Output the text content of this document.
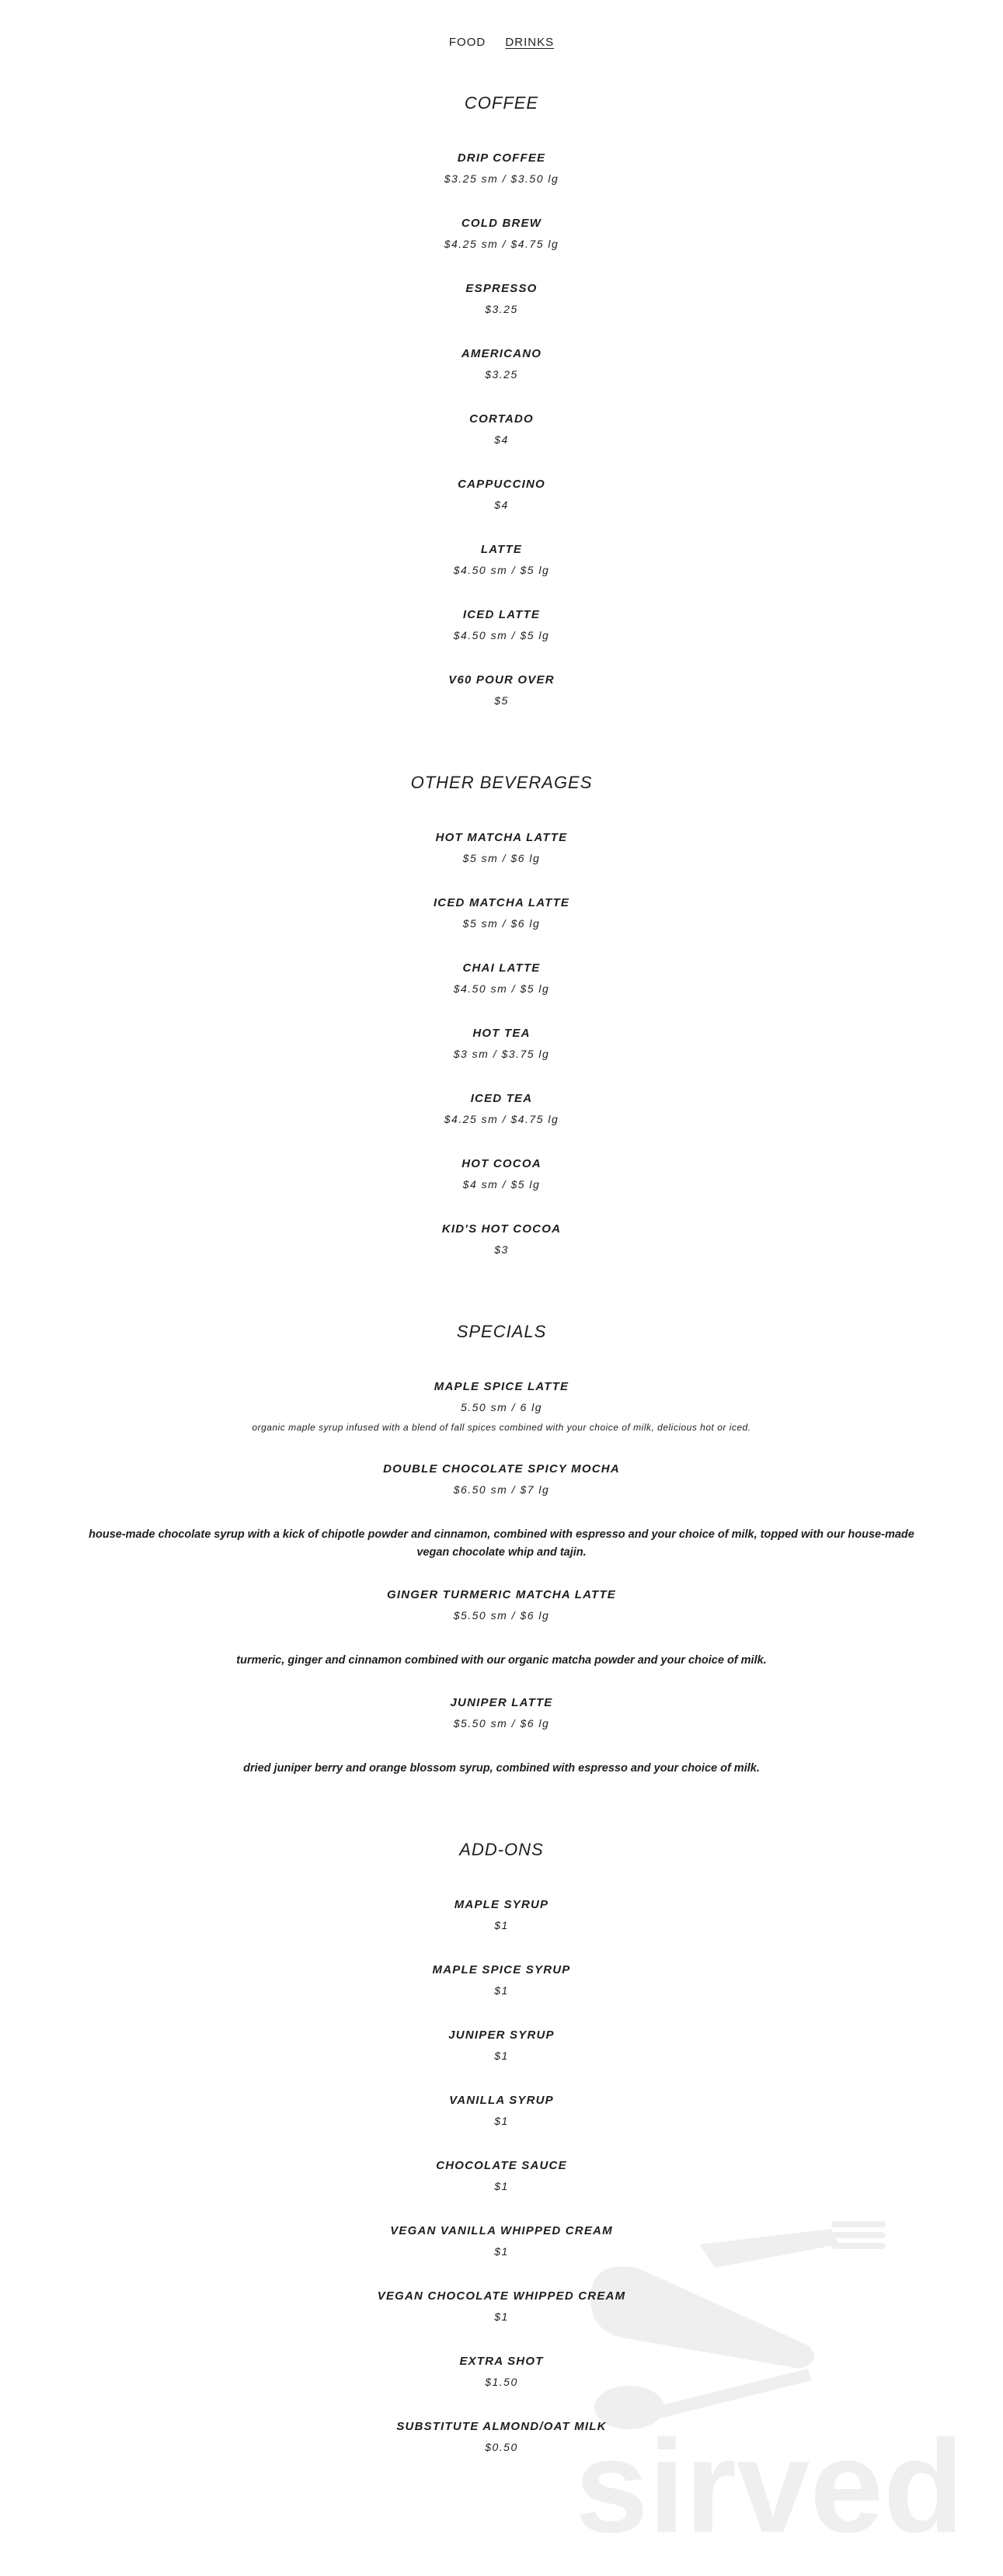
sirved
FOOD DRINKS
COFFEE
DRIP COFFEE
$3.25 sm / $3.50 lg
COLD BREW
$4.25 sm / $4.75 lg
ESPRESSO
$3.25
AMERICANO
$3.25
CORTADO
$4
CAPPUCCINO
$4
LATTE
$4.50 sm / $5 lg
ICED LATTE
$4.50 sm / $5 lg
V60 POUR OVER
$5
OTHER BEVERAGES
HOT MATCHA LATTE
$5 sm / $6 lg
ICED MATCHA LATTE
$5 sm / $6 lg
CHAI LATTE
$4.50 sm / $5 lg
HOT TEA
$3 sm / $3.75 lg
ICED TEA
$4.25 sm / $4.75 lg
HOT COCOA
$4 sm / $5 lg
KID'S HOT COCOA
$3
SPECIALS
MAPLE SPICE LATTE
5.50 sm / 6 lg
organic maple syrup infused with a blend of fall spices combined with your choice of milk, delicious hot or iced.
DOUBLE CHOCOLATE SPICY MOCHA
$6.50 sm / $7 lg
house-made chocolate syrup with a kick of chipotle powder and cinnamon, combined with espresso and your choice of milk, topped with our house-made vegan chocolate whip and tajin.
GINGER TURMERIC MATCHA LATTE
$5.50 sm / $6 lg
turmeric, ginger and cinnamon combined with our organic matcha powder and your choice of milk.
JUNIPER LATTE
$5.50 sm / $6 lg
dried juniper berry and orange blossom syrup, combined with espresso and your choice of milk.
ADD-ONS
MAPLE SYRUP
$1
MAPLE SPICE SYRUP
$1
JUNIPER SYRUP
$1
VANILLA SYRUP
$1
CHOCOLATE SAUCE
$1
VEGAN VANILLA WHIPPED CREAM
$1
VEGAN CHOCOLATE WHIPPED CREAM
$1
EXTRA SHOT
$1.50
SUBSTITUTE ALMOND/OAT MILK
$0.50
